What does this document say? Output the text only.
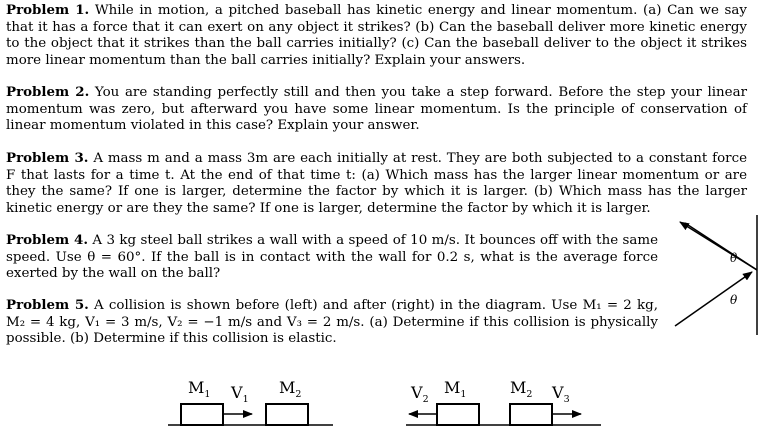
Problem 1. While in motion, a pitched baseball has kinetic energy and linear momentum. (a) Can we say that it has a force that it can exert on any object it strikes? (b) Can the baseball deliver more kinetic energy to the object that it strikes than the ball carries initially? (c) Can the baseball deliver to the object it strikes more linear momentum than the ball carries initially? Explain your answers.

Problem 2. You are standing perfectly still and then you take a step forward. Before the step your linear momentum was zero, but afterward you have some linear momentum. Is the principle of conservation of linear momentum violated in this case? Explain your answer.

Problem 3. A mass m and a mass 3m are each initially at rest. They are both subjected to a constant force F that lasts for a time t. At the end of that time t: (a) Which mass has the larger linear momentum or are they the same? If one is larger, determine the factor by which it is larger. (b) Which mass has the larger kinetic energy or are they the same? If one is larger, determine the factor by which it is larger.

Problem 4. A 3 kg steel ball strikes a wall with a speed of 10 m/s. It bounces off with the same speed. Use θ = 60°. If the ball is in contact with the wall for 0.2 s, what is the average force exerted by the wall on the ball?

Problem 5. A collision is shown before (left) and after (right) in the diagram. Use M₁ = 2 kg, M₂ = 4 kg, V₁ = 3 m/s, V₂ = −1 m/s and V₃ = 2 m/s. (a) Determine if this collision is physically possible. (b) Determine if this collision is elastic.

θ
θ
$M_1$ $V_1$
$M_2$	$V_2$
$M_1$	$M_2$ $V_3$
